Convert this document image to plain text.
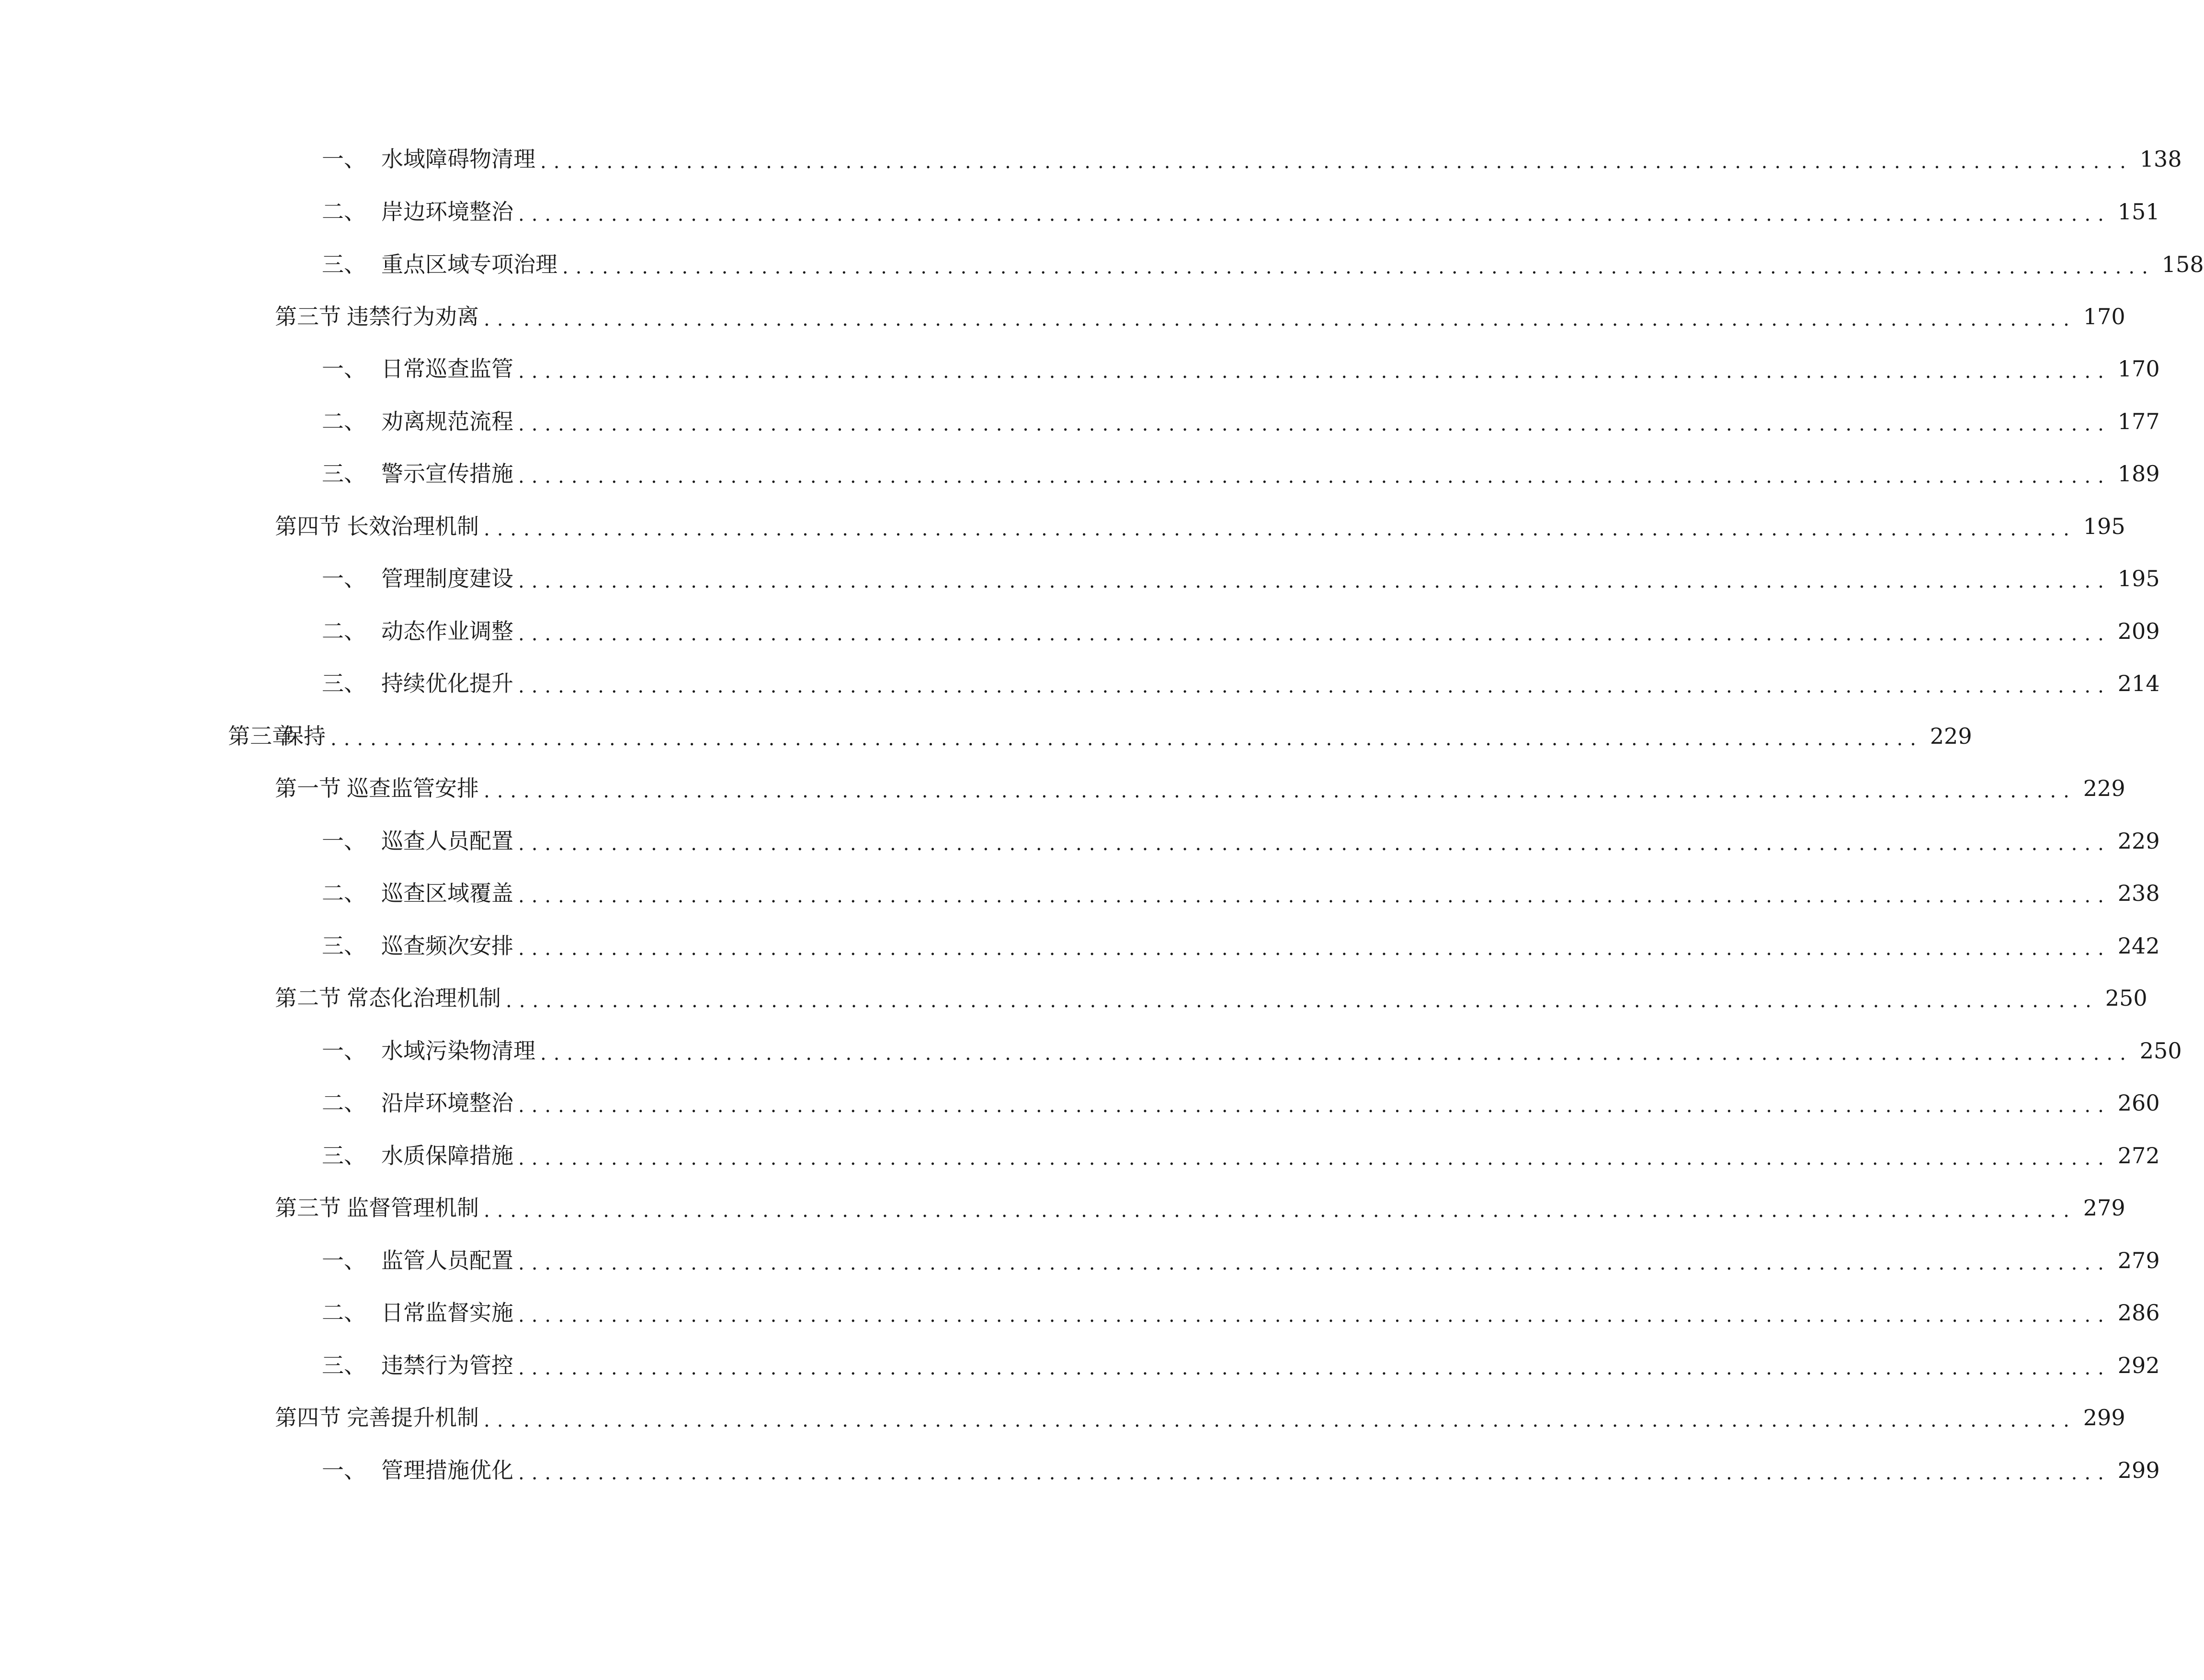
一、 水域障碍物清理 ........................................................................................................................ 138
二、 岸边环境整治 ........................................................................................................................ 151
三、 重点区域专项治理 ........................................................................................................................ 158
第三节 违禁行为劝离 ........................................................................................................................ 170
一、 日常巡查监管 ........................................................................................................................ 170
二、 劝离规范流程 ........................................................................................................................ 177
三、 警示宣传措施 ........................................................................................................................ 189
第四节 长效治理机制 ........................................................................................................................ 195
一、 管理制度建设 ........................................................................................................................ 195
二、 动态作业调整 ........................................................................................................................ 209
三、 持续优化提升 ........................................................................................................................ 214
第三章
保持 ........................................................................................................................ 229
第一节 巡查监管安排 ........................................................................................................................ 229
一、 巡查人员配置 ........................................................................................................................ 229
二、 巡查区域覆盖 ........................................................................................................................ 238
三、 巡查频次安排 ........................................................................................................................ 242
第二节 常态化治理机制 ........................................................................................................................ 250
一、 水域污染物清理 ........................................................................................................................ 250
二、 沿岸环境整治 ........................................................................................................................ 260
三、 水质保障措施 ........................................................................................................................ 272
第三节 监督管理机制 ........................................................................................................................ 279
一、 监管人员配置 ........................................................................................................................ 279
二、 日常监督实施 ........................................................................................................................ 286
三、 违禁行为管控 ........................................................................................................................ 292
第四节 完善提升机制 ........................................................................................................................ 299
一、 管理措施优化 ........................................................................................................................ 299
